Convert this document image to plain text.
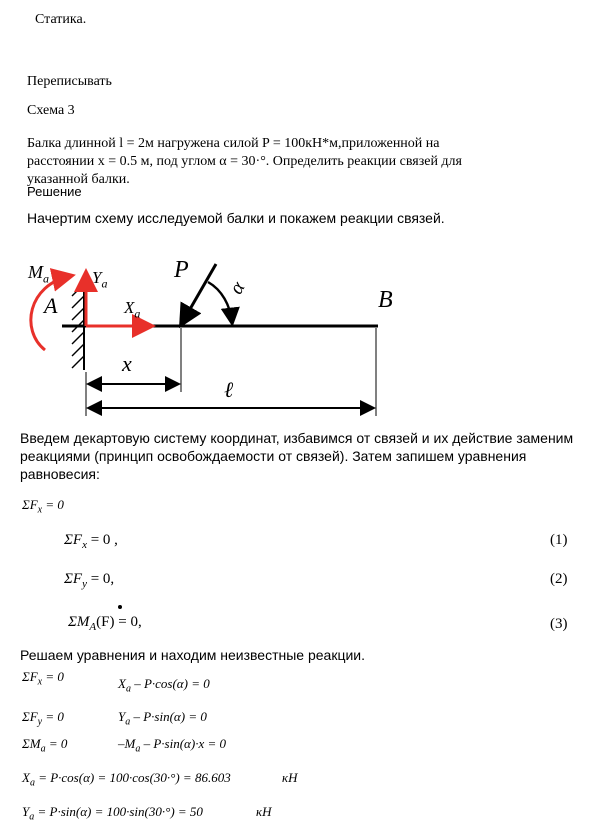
Статика.
Переписывать
Схема 3
Балка длинной l = 2м нагружена силой P = 100кН*м,приложенной на
расстоянии x = 0.5 м, под углом α = 30·°. Определить реакции связей для
указанной балки.
Решение
Начертим схему исследуемой балки и покажем реакции связей.
$M_a$	$Y_a$
A	$X_a$
P
α	B
x
ℓ
Введем декартовую систему координат, избавимся от связей и их действие заменим
реакциями (принцип освобождаемости от связей). Затем запишем уравнения
равновесия:
$\Sigma F_x = 0$
$\Sigma F_x = 0$ ,	(1)
$\Sigma F_y = 0$,	(2)
$\Sigma M_A(F) = 0$,	(3)
Решаем уравнения и находим неизвестные реакции.
$\Sigma F_x = 0$	$X_a - P\cdot\cos(\alpha) = 0$
$\Sigma F_y = 0$	$Y_a - P\cdot\sin(\alpha) = 0$
$\Sigma M_a = 0$	$-M_a - P\cdot\sin(\alpha)\cdot x = 0$
$X_a = P\cdot\cos(\alpha) = 100\cdot\cos(30\cdot^\circ) = 86.603$	кН
$Y_a = P\cdot\sin(\alpha) = 100\cdot\sin(30\cdot^\circ) = 50$	кН
